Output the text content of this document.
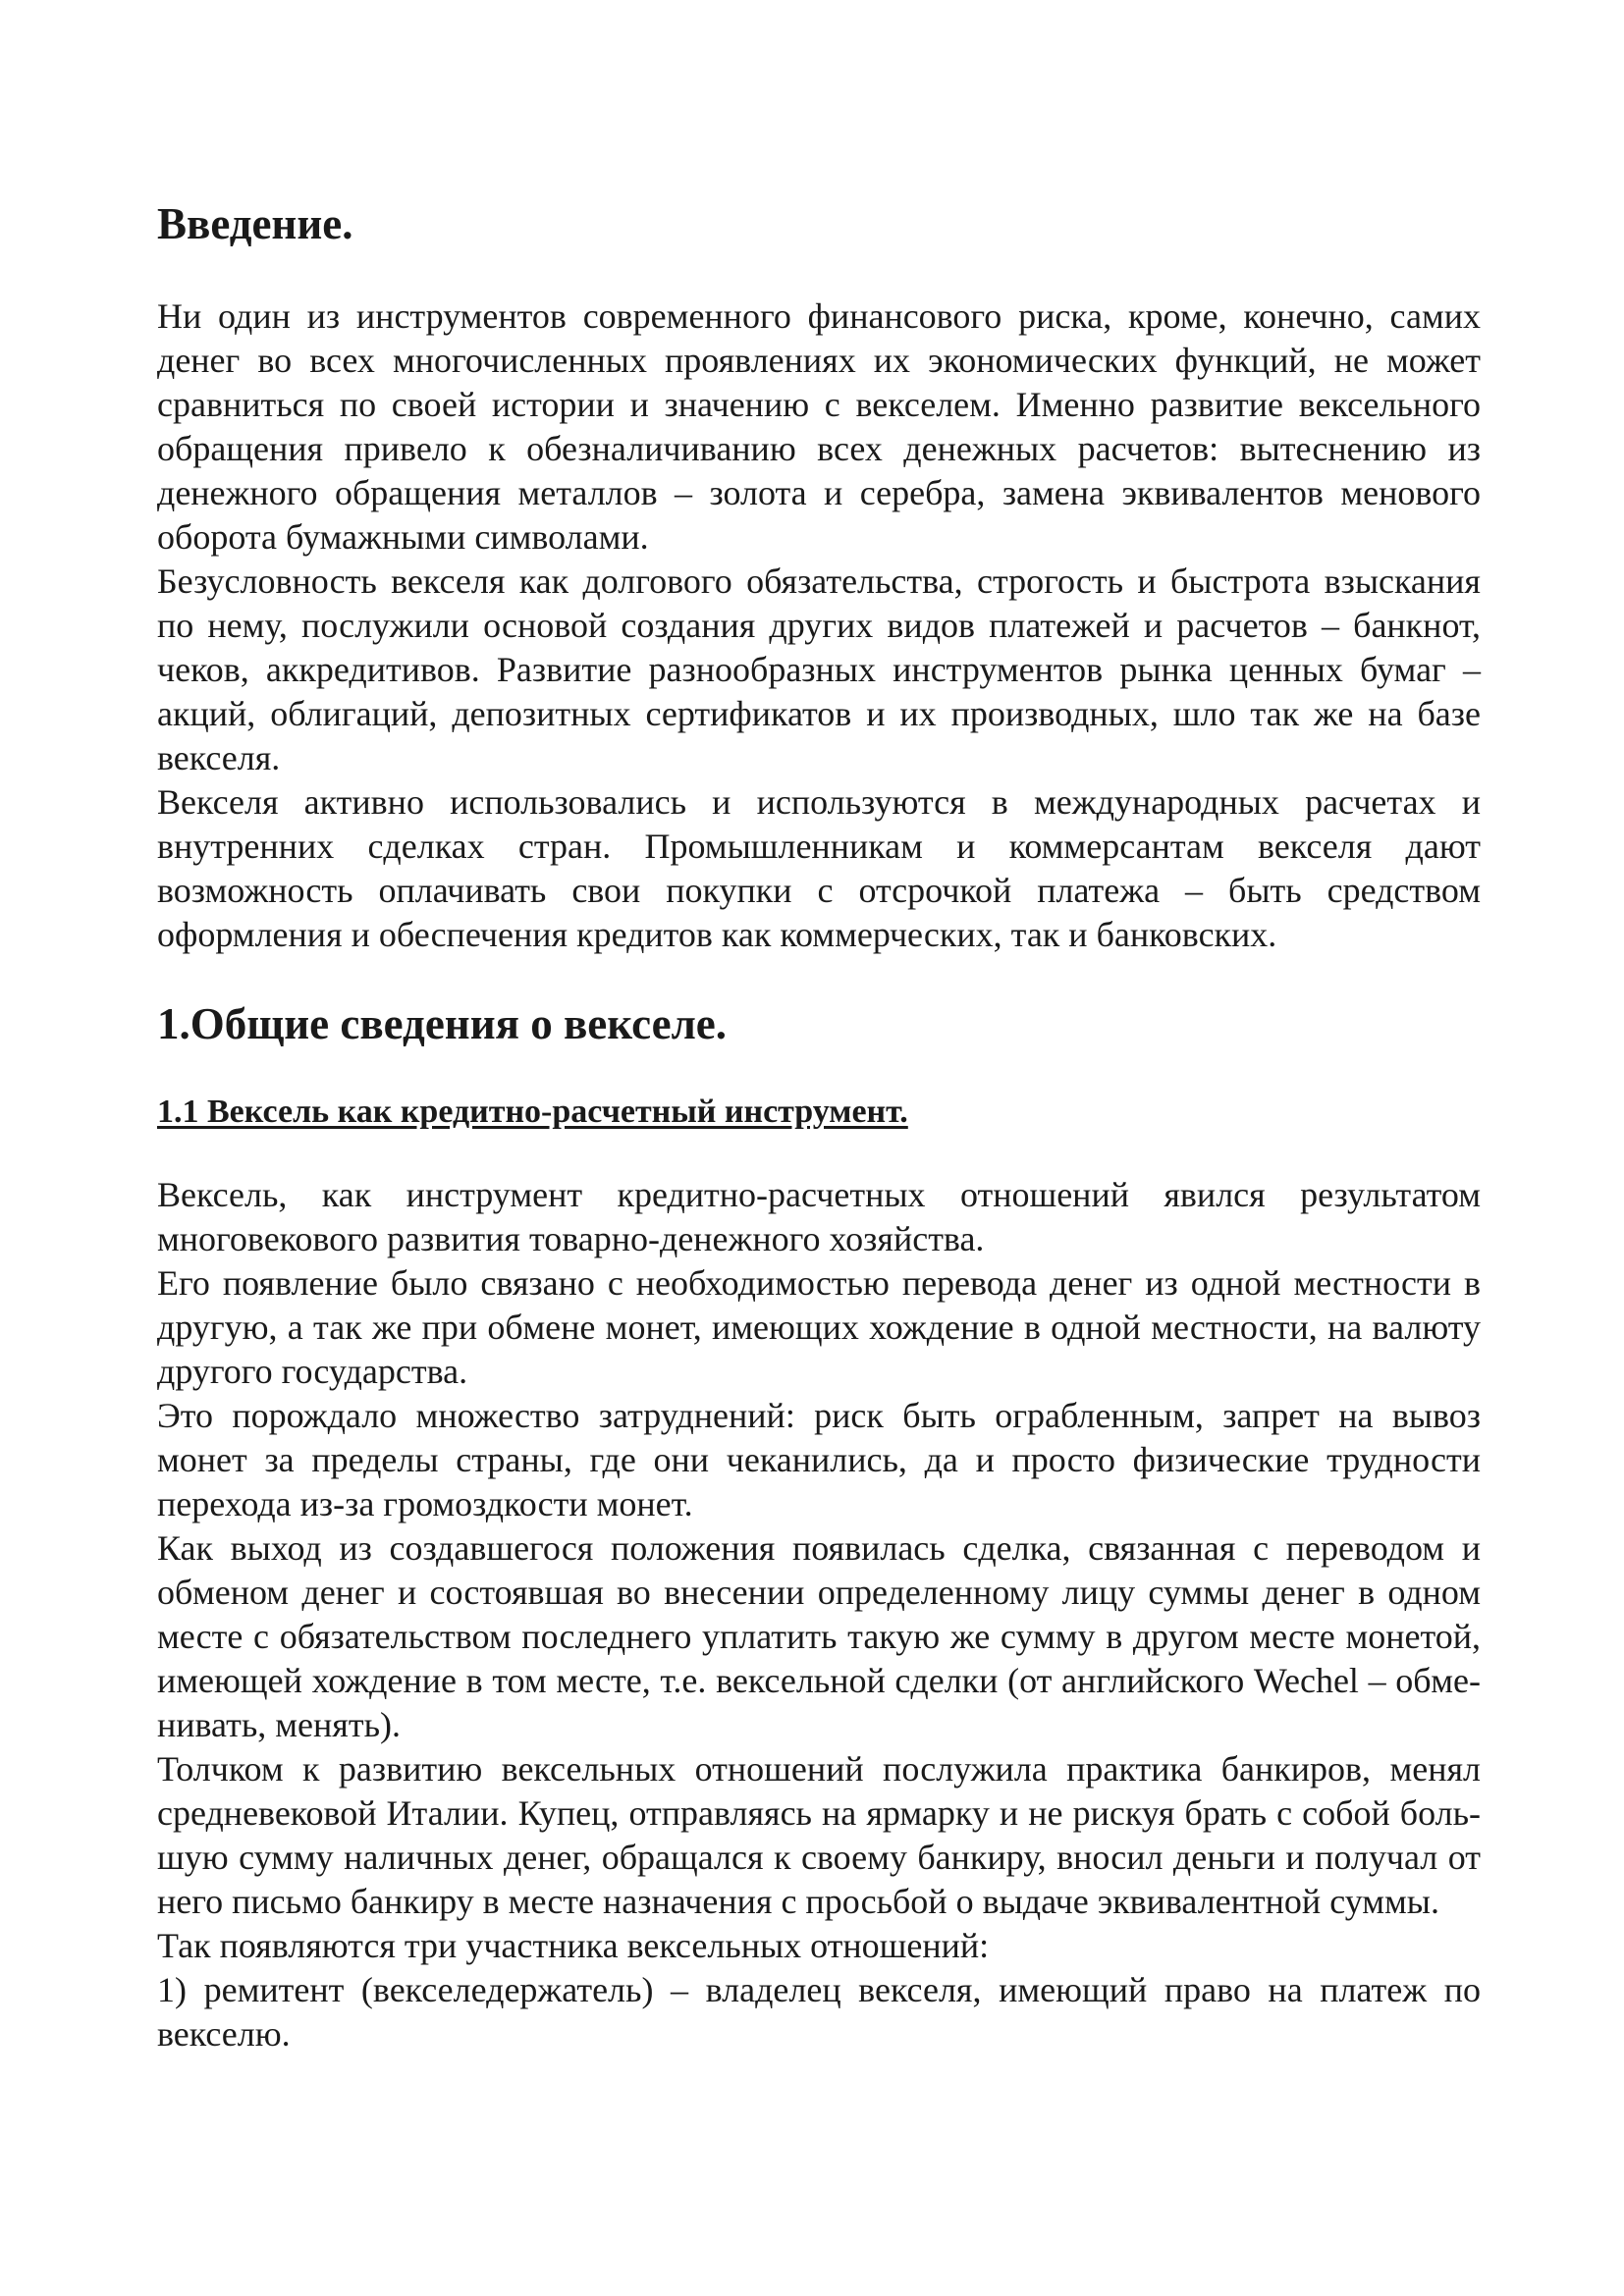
Введение.

Ни один из инструментов современного финансового риска, кроме, конечно, самих денег во всех многочисленных проявлениях их экономических функций, не может сравниться по своей истории и значению с векселем. Именно развитие вексельного обращения привело к обезналичиванию всех денежных расчетов: вытеснению из денежного обращения металлов – золота и серебра, замена эквивалентов менового оборота бумажными символами.

Безусловность векселя как долгового обязательства, строгость и быстрота взыскания по нему, послужили основой создания других видов платежей и расчетов – банкнот, чеков, аккредитивов. Развитие разнообразных инструментов рынка ценных бумаг – акций, облигаций, депозитных сертификатов и их производных, шло так же на базе векселя.

Векселя активно использовались и используются в международных расчетах и внутренних сделках стран. Промышленникам и коммерсантам векселя дают возможность оплачивать свои покупки с отсрочкой платежа – быть средством оформления и обеспечения кредитов как коммерческих, так и банковских.

1.Общие сведения о векселе.
1.1 Вексель как кредитно-расчетный инструмент.

Вексель, как инструмент кредитно-расчетных отношений явился результатом многовекового развития товарно-денежного хозяйства.

Его появление было связано с необходимостью перевода денег из одной местности в другую, а так же при обмене монет, имеющих хождение в одной местности, на валюту другого государства.

Это порождало множество затруднений: риск быть ограбленным, запрет на вывоз монет за пределы страны, где они чеканились, да и просто физические трудности перехода из-за громоздкости монет.

Как выход из создавшегося положения появилась сделка, связанная с переводом и обменом денег и состоявшая во внесении определенному лицу суммы денег в одном месте с обязательством последнего уплатить такую же сумму в другом месте монетой, имеющей хождение в том месте, т.е. вексельной сделки (от английского Wechel – обме-нивать, менять).

Толчком к развитию вексельных отношений послужила практика банкиров, менял средневековой Италии. Купец, отправляясь на ярмарку и не рискуя брать с собой боль-шую сумму наличных денег, обращался к своему банкиру, вносил деньги и получал от него письмо банкиру в месте назначения с просьбой о выдаче эквивалентной суммы.

Так появляются три участника вексельных отношений:

1) ремитент (векселедержатель) – владелец векселя, имеющий право на платеж по векселю.
